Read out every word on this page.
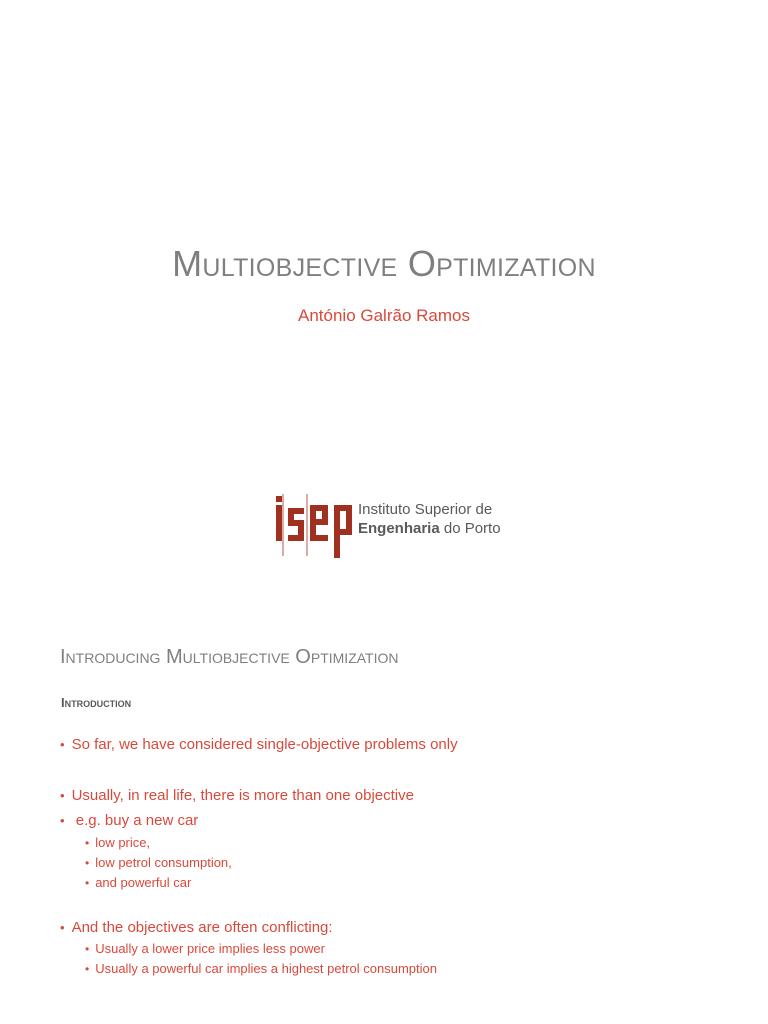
Multiobjective Optimization
António Galrão Ramos
Instituto Superior de
Engenharia do Porto
Introducing Multiobjective Optimization
Introduction
• So far, we have considered single-objective problems only
• Usually, in real life, there is more than one objective
• e.g. buy a new car
• low price,
• low petrol consumption,
• and powerful car
• And the objectives are often conflicting:
• Usually a lower price implies less power
• Usually a powerful car implies a highest petrol consumption
